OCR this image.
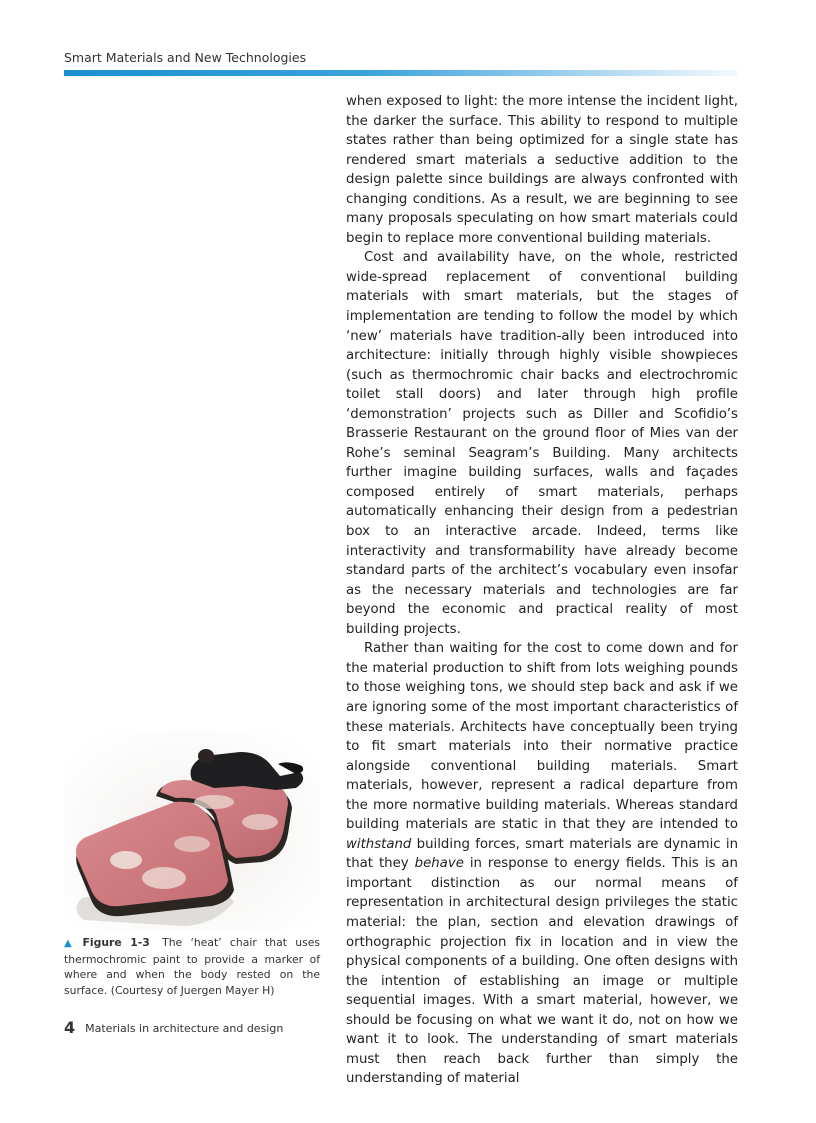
Smart Materials and New Technologies

when exposed to light: the more intense the incident light, the darker the surface. This ability to respond to multiple states rather than being optimized for a single state has rendered smart materials a seductive addition to the design palette since buildings are always confronted with changing conditions. As a result, we are beginning to see many proposals speculating on how smart materials could begin to replace more conventional building materials.

Cost and availability have, on the whole, restricted wide-spread replacement of conventional building materials with smart materials, but the stages of implementation are tending to follow the model by which ‘new’ materials have tradition-ally been introduced into architecture: initially through highly visible showpieces (such as thermochromic chair backs and electrochromic toilet stall doors) and later through high profile ‘demonstration’ projects such as Diller and Scofidio’s Brasserie Restaurant on the ground floor of Mies van der Rohe’s seminal Seagram’s Building. Many architects further imagine building surfaces, walls and façades composed entirely of smart materials, perhaps automatically enhancing their design from a pedestrian box to an interactive arcade. Indeed, terms like interactivity and transformability have already become standard parts of the architect’s vocabulary even insofar as the necessary materials and technologies are far beyond the economic and practical reality of most building projects.

Rather than waiting for the cost to come down and for the material production to shift from lots weighing pounds to those weighing tons, we should step back and ask if we are ignoring some of the most important characteristics of these materials. Architects have conceptually been trying to fit smart materials into their normative practice alongside conventional building materials. Smart materials, however, represent a radical departure from the more normative building materials. Whereas standard building materials are static in that they are intended to withstand building forces, smart materials are dynamic in that they behave in response to energy fields. This is an important distinction as our normal means of representation in architectural design privileges the static material: the plan, section and elevation drawings of orthographic projection fix in location and in view the physical components of a building. One often designs with the intention of establishing an image or multiple sequential images. With a smart material, however, we should be focusing on what we want it do, not on how we want it to look. The understanding of smart materials must then reach back further than simply the understanding of material

▲ Figure 1-3 The ‘heat’ chair that uses thermochromic paint to provide a marker of where and when the body rested on the surface. (Courtesy of Juergen Mayer H)
4 Materials in architecture and design
